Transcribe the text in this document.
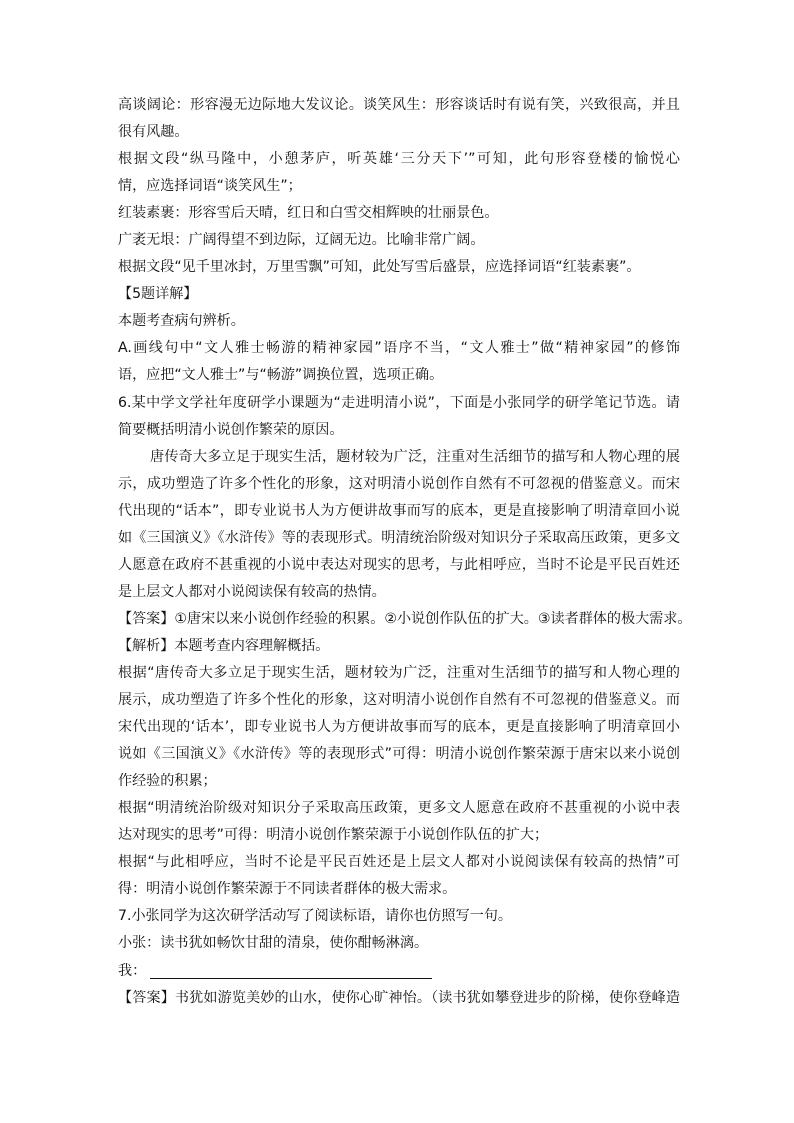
高谈阔论：形容漫无边际地大发议论。谈笑风生：形容谈话时有说有笑，兴致很高，并且
很有风趣。
根据文段“纵马隆中，小憩茅庐，听英雄‘三分天下’”可知，此句形容登楼的愉悦心
情，应选择词语“谈笑风生”；
红装素裹：形容雪后天晴，红日和白雪交相辉映的壮丽景色。
广袤无垠：广阔得望不到边际，辽阔无边。比喻非常广阔。
根据文段“见千里冰封，万里雪飘”可知，此处写雪后盛景，应选择词语“红装素裹”。
【5题详解】
本题考查病句辨析。
A.画线句中“文人雅士畅游的精神家园”语序不当，“文人雅士”做“精神家园”的修饰
语，应把“文人雅士”与“畅游”调换位置，选项正确。
6.某中学文学社年度研学小课题为“走进明清小说”，下面是小张同学的研学笔记节选。请
简要概括明清小说创作繁荣的原因。
唐传奇大多立足于现实生活，题材较为广泛，注重对生活细节的描写和人物心理的展
示，成功塑造了许多个性化的形象，这对明清小说创作自然有不可忽视的借鉴意义。而宋
代出现的“话本”，即专业说书人为方便讲故事而写的底本，更是直接影响了明清章回小说
如《三国演义》《水浒传》等的表现形式。明清统治阶级对知识分子采取高压政策，更多文
人愿意在政府不甚重视的小说中表达对现实的思考，与此相呼应，当时不论是平民百姓还
是上层文人都对小说阅读保有较高的热情。
【答案】①唐宋以来小说创作经验的积累。②小说创作队伍的扩大。③读者群体的极大需求。
【解析】本题考查内容理解概括。
根据“唐传奇大多立足于现实生活，题材较为广泛，注重对生活细节的描写和人物心理的
展示，成功塑造了许多个性化的形象，这对明清小说创作自然有不可忽视的借鉴意义。而
宋代出现的‘话本’，即专业说书人为方便讲故事而写的底本，更是直接影响了明清章回小
说如《三国演义》《水浒传》等的表现形式”可得：明清小说创作繁荣源于唐宋以来小说创
作经验的积累；
根据“明清统治阶级对知识分子采取高压政策，更多文人愿意在政府不甚重视的小说中表
达对现实的思考”可得：明清小说创作繁荣源于小说创作队伍的扩大；
根据“与此相呼应，当时不论是平民百姓还是上层文人都对小说阅读保有较高的热情”可
得：明清小说创作繁荣源于不同读者群体的极大需求。
7.小张同学为这次研学活动写了阅读标语，请你也仿照写一句。
小张：读书犹如畅饮甘甜的清泉，使你酣畅淋漓。
我：
【答案】书犹如游览美妙的山水，使你心旷神怡。（读书犹如攀登进步的阶梯，使你登峰造
